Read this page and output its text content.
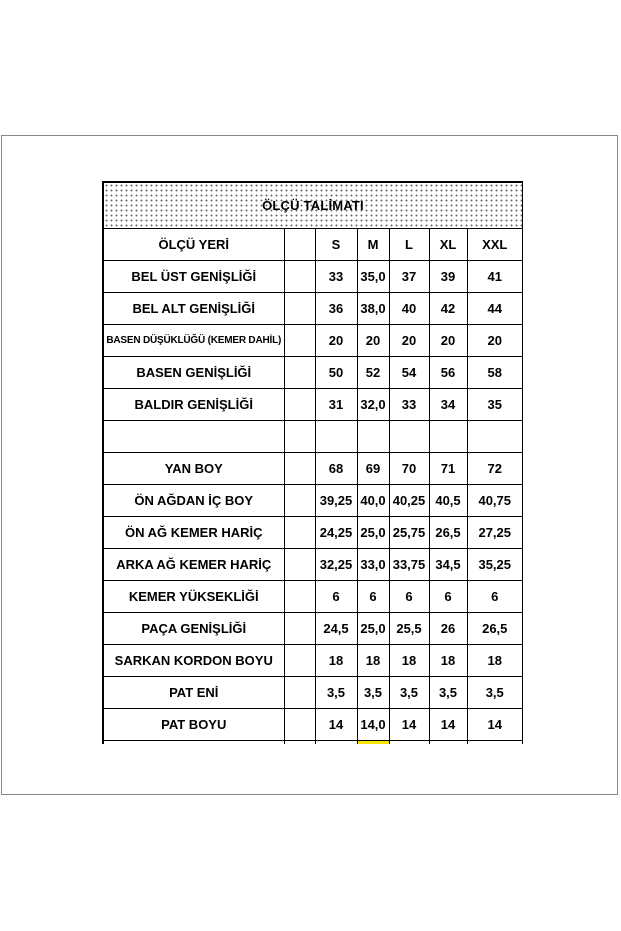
ÖLÇÜ TALİMATI
ÖLÇÜ YERİ		S	M	L	XL	XXL
BEL ÜST GENİŞLİĞİ		33	35,0	37	39	41
BEL ALT GENİŞLİĞİ		36	38,0	40	42	44
BASEN DÜŞÜKLÜĞÜ (KEMER DAHİL)		20	20	20	20	20
BASEN GENİŞLİĞİ		50	52	54	56	58
BALDIR GENİŞLİĞİ		31	32,0	33	34	35

YAN BOY		68	69	70	71	72
ÖN AĞDAN İÇ BOY		39,25	40,0	40,25	40,5	40,75
ÖN AĞ KEMER HARİÇ		24,25	25,0	25,75	26,5	27,25
ARKA AĞ KEMER HARİÇ		32,25	33,0	33,75	34,5	35,25
KEMER YÜKSEKLİĞİ		6	6	6	6	6
PAÇA GENİŞLİĞİ		24,5	25,0	25,5	26	26,5
SARKAN KORDON BOYU		18	18	18	18	18
PAT ENİ		3,5	3,5	3,5	3,5	3,5
PAT BOYU		14	14,0	14	14	14
